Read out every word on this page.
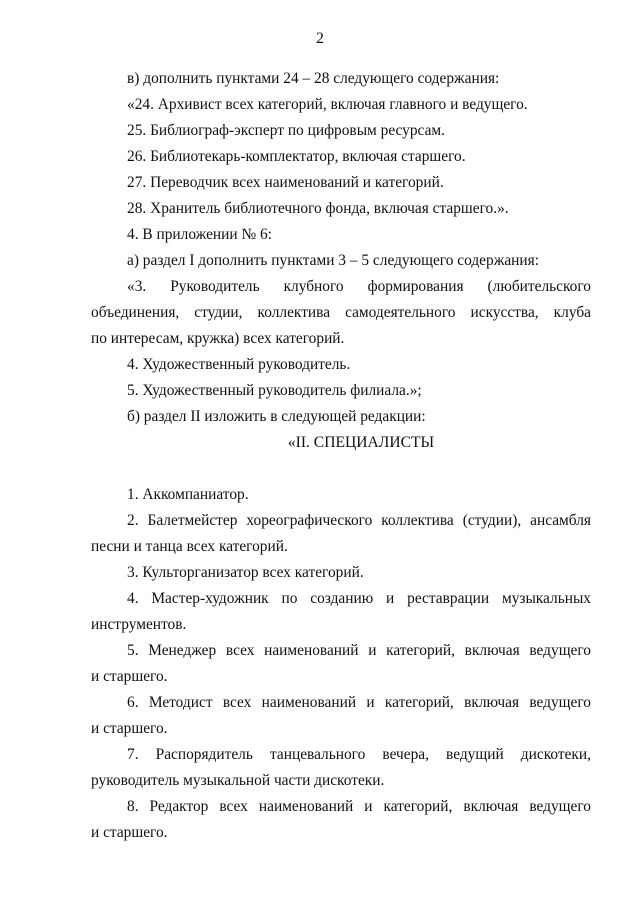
2

в) дополнить пунктами 24 – 28 следующего содержания:

«24. Архивист всех категорий, включая главного и ведущего.

25. Библиограф-эксперт по цифровым ресурсам.

26. Библиотекарь-комплектатор, включая старшего.

27. Переводчик всех наименований и категорий.

28. Хранитель библиотечного фонда, включая старшего.».

4. В приложении № 6:

а) раздел I дополнить пунктами 3 – 5 следующего содержания:

«3. Руководитель клубного формирования (любительского

объединения, студии, коллектива самодеятельного искусства, клуба

по интересам, кружка) всех категорий.

4. Художественный руководитель.

5. Художественный руководитель филиала.»;

б) раздел II изложить в следующей редакции:

«II. СПЕЦИАЛИСТЫ

1. Аккомпаниатор.

2. Балетмейстер хореографического коллектива (студии), ансамбля

песни и танца всех категорий.

3. Культорганизатор всех категорий.

4. Мастер-художник по созданию и реставрации музыкальных

инструментов.

5. Менеджер всех наименований и категорий, включая ведущего

и старшего.

6. Методист всех наименований и категорий, включая ведущего

и старшего.

7. Распорядитель танцевального вечера, ведущий дискотеки,

руководитель музыкальной части дискотеки.

8. Редактор всех наименований и категорий, включая ведущего

и старшего.
